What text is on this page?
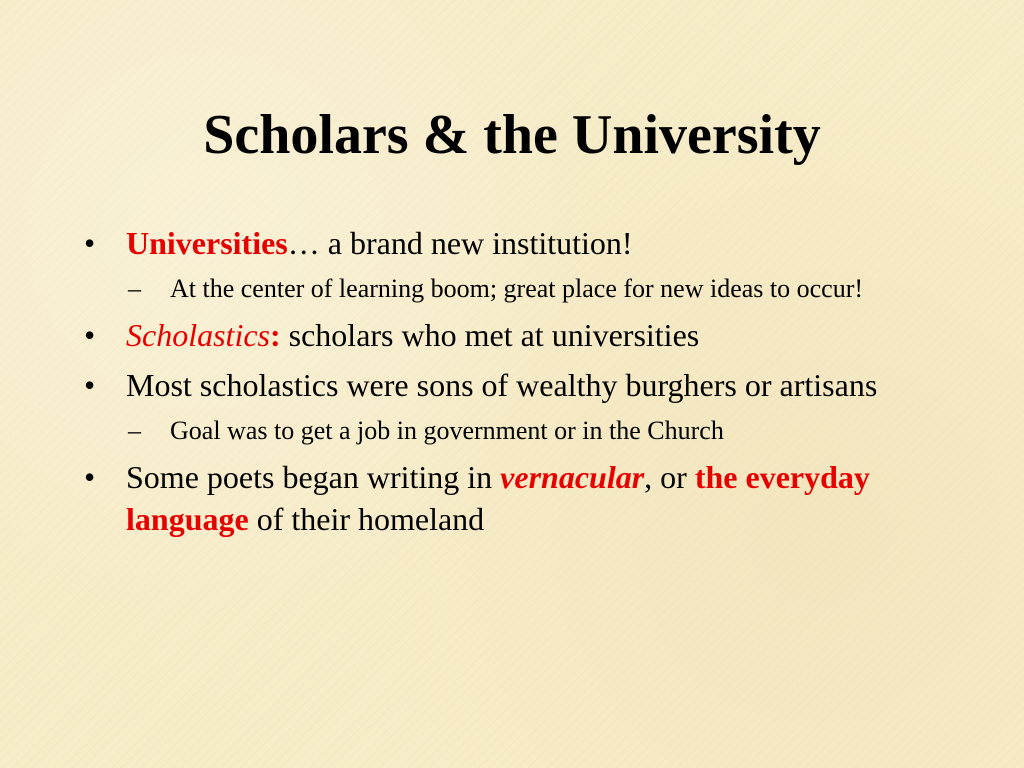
Scholars & the University
• Universities… a brand new institution!
– At the center of learning boom; great place for new ideas to occur!
• Scholastics: scholars who met at universities
• Most scholastics were sons of wealthy burghers or artisans
– Goal was to get a job in government or in the Church
• Some poets began writing in vernacular, or the everyday language of their homeland
